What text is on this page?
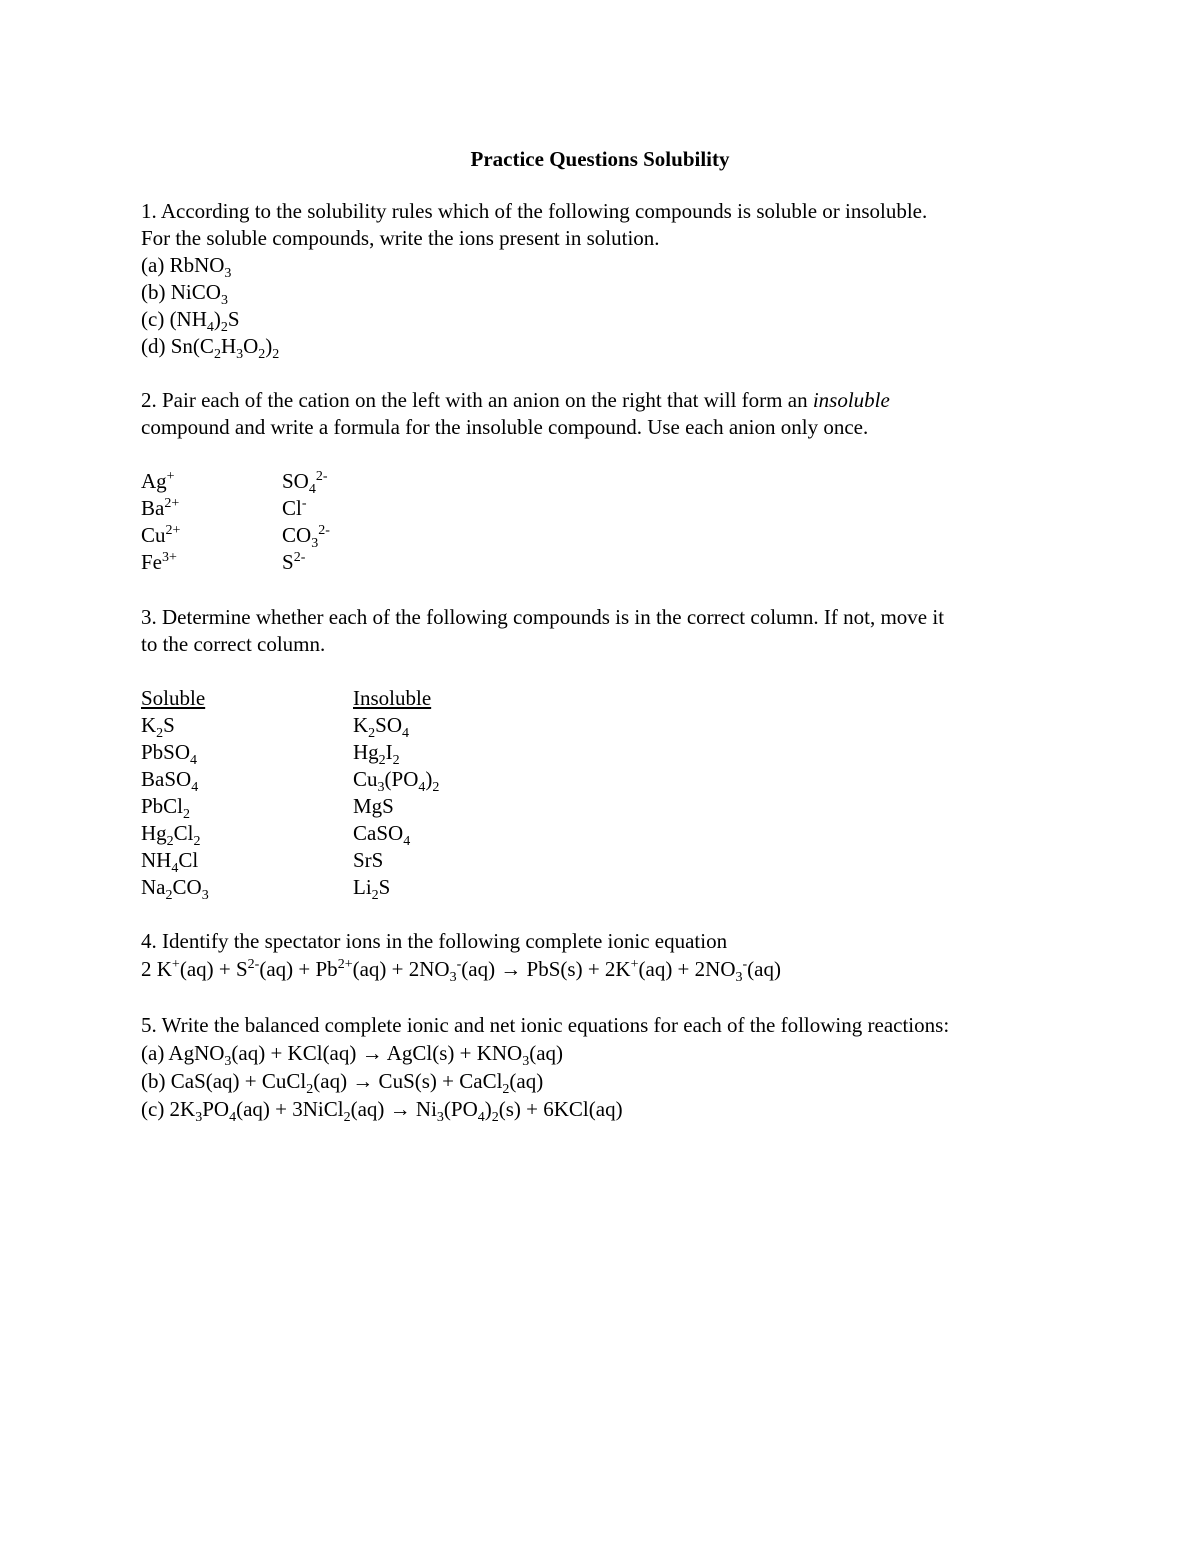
Practice Questions Solubility
1. According to the solubility rules which of the following compounds is soluble or insoluble.
For the soluble compounds, write the ions present in solution.
(a) RbNO$_3$
(b) NiCO$_3$
(c) $(NH_4)_2S$
(d) $Sn(C_2H_3O_2)_2$
2. Pair each of the cation on the left with an anion on the right that will form an insoluble
compound and write a formula for the insoluble compound. Use each anion only once.
Ag+
$Ba^{2+}$
$Cu^{2+}$
$Fe^{3+}$
$SO_4^{2-}$
Cl-
$CO_3^{2-}$
$S^{2-}$
3. Determine whether each of the following compounds is in the correct column. If not, move it
to the correct column.
Soluble	Insoluble
$K_2S$
PbSO$_4$
BaSO$_4$
PbCl$_2$
$Hg_2Cl_2$
$NH_4Cl$
$Na_2CO_3$
$K_2SO_4$
$Hg_2I_2$
$Cu_3(PO_4)_2$
MgS
CaSO$_4$
SrS
$Li_2S$
4. Identify the spectator ions in the following complete ionic equation
2 $K^+(aq) + S^{2-}(aq) + Pb^{2+}(aq) + 2NO_3^-(aq) \to PbS(s) + 2K^+(aq) + 2NO_3^-(aq)$
5. Write the balanced complete ionic and net ionic equations for each of the following reactions:
(a) AgNO$_3$(aq) + KCl(aq) → AgCl(s) + $KNO_3(aq)$
(b) CaS(aq) + CuCl$_2$(aq) → CuS(s) + CaCl$_2$(aq)
(c) $2K_3PO_4(aq)$ + 3NiCl$_2$(aq) → $Ni_3(PO_4)_2(s) + 6KCl(aq)$
